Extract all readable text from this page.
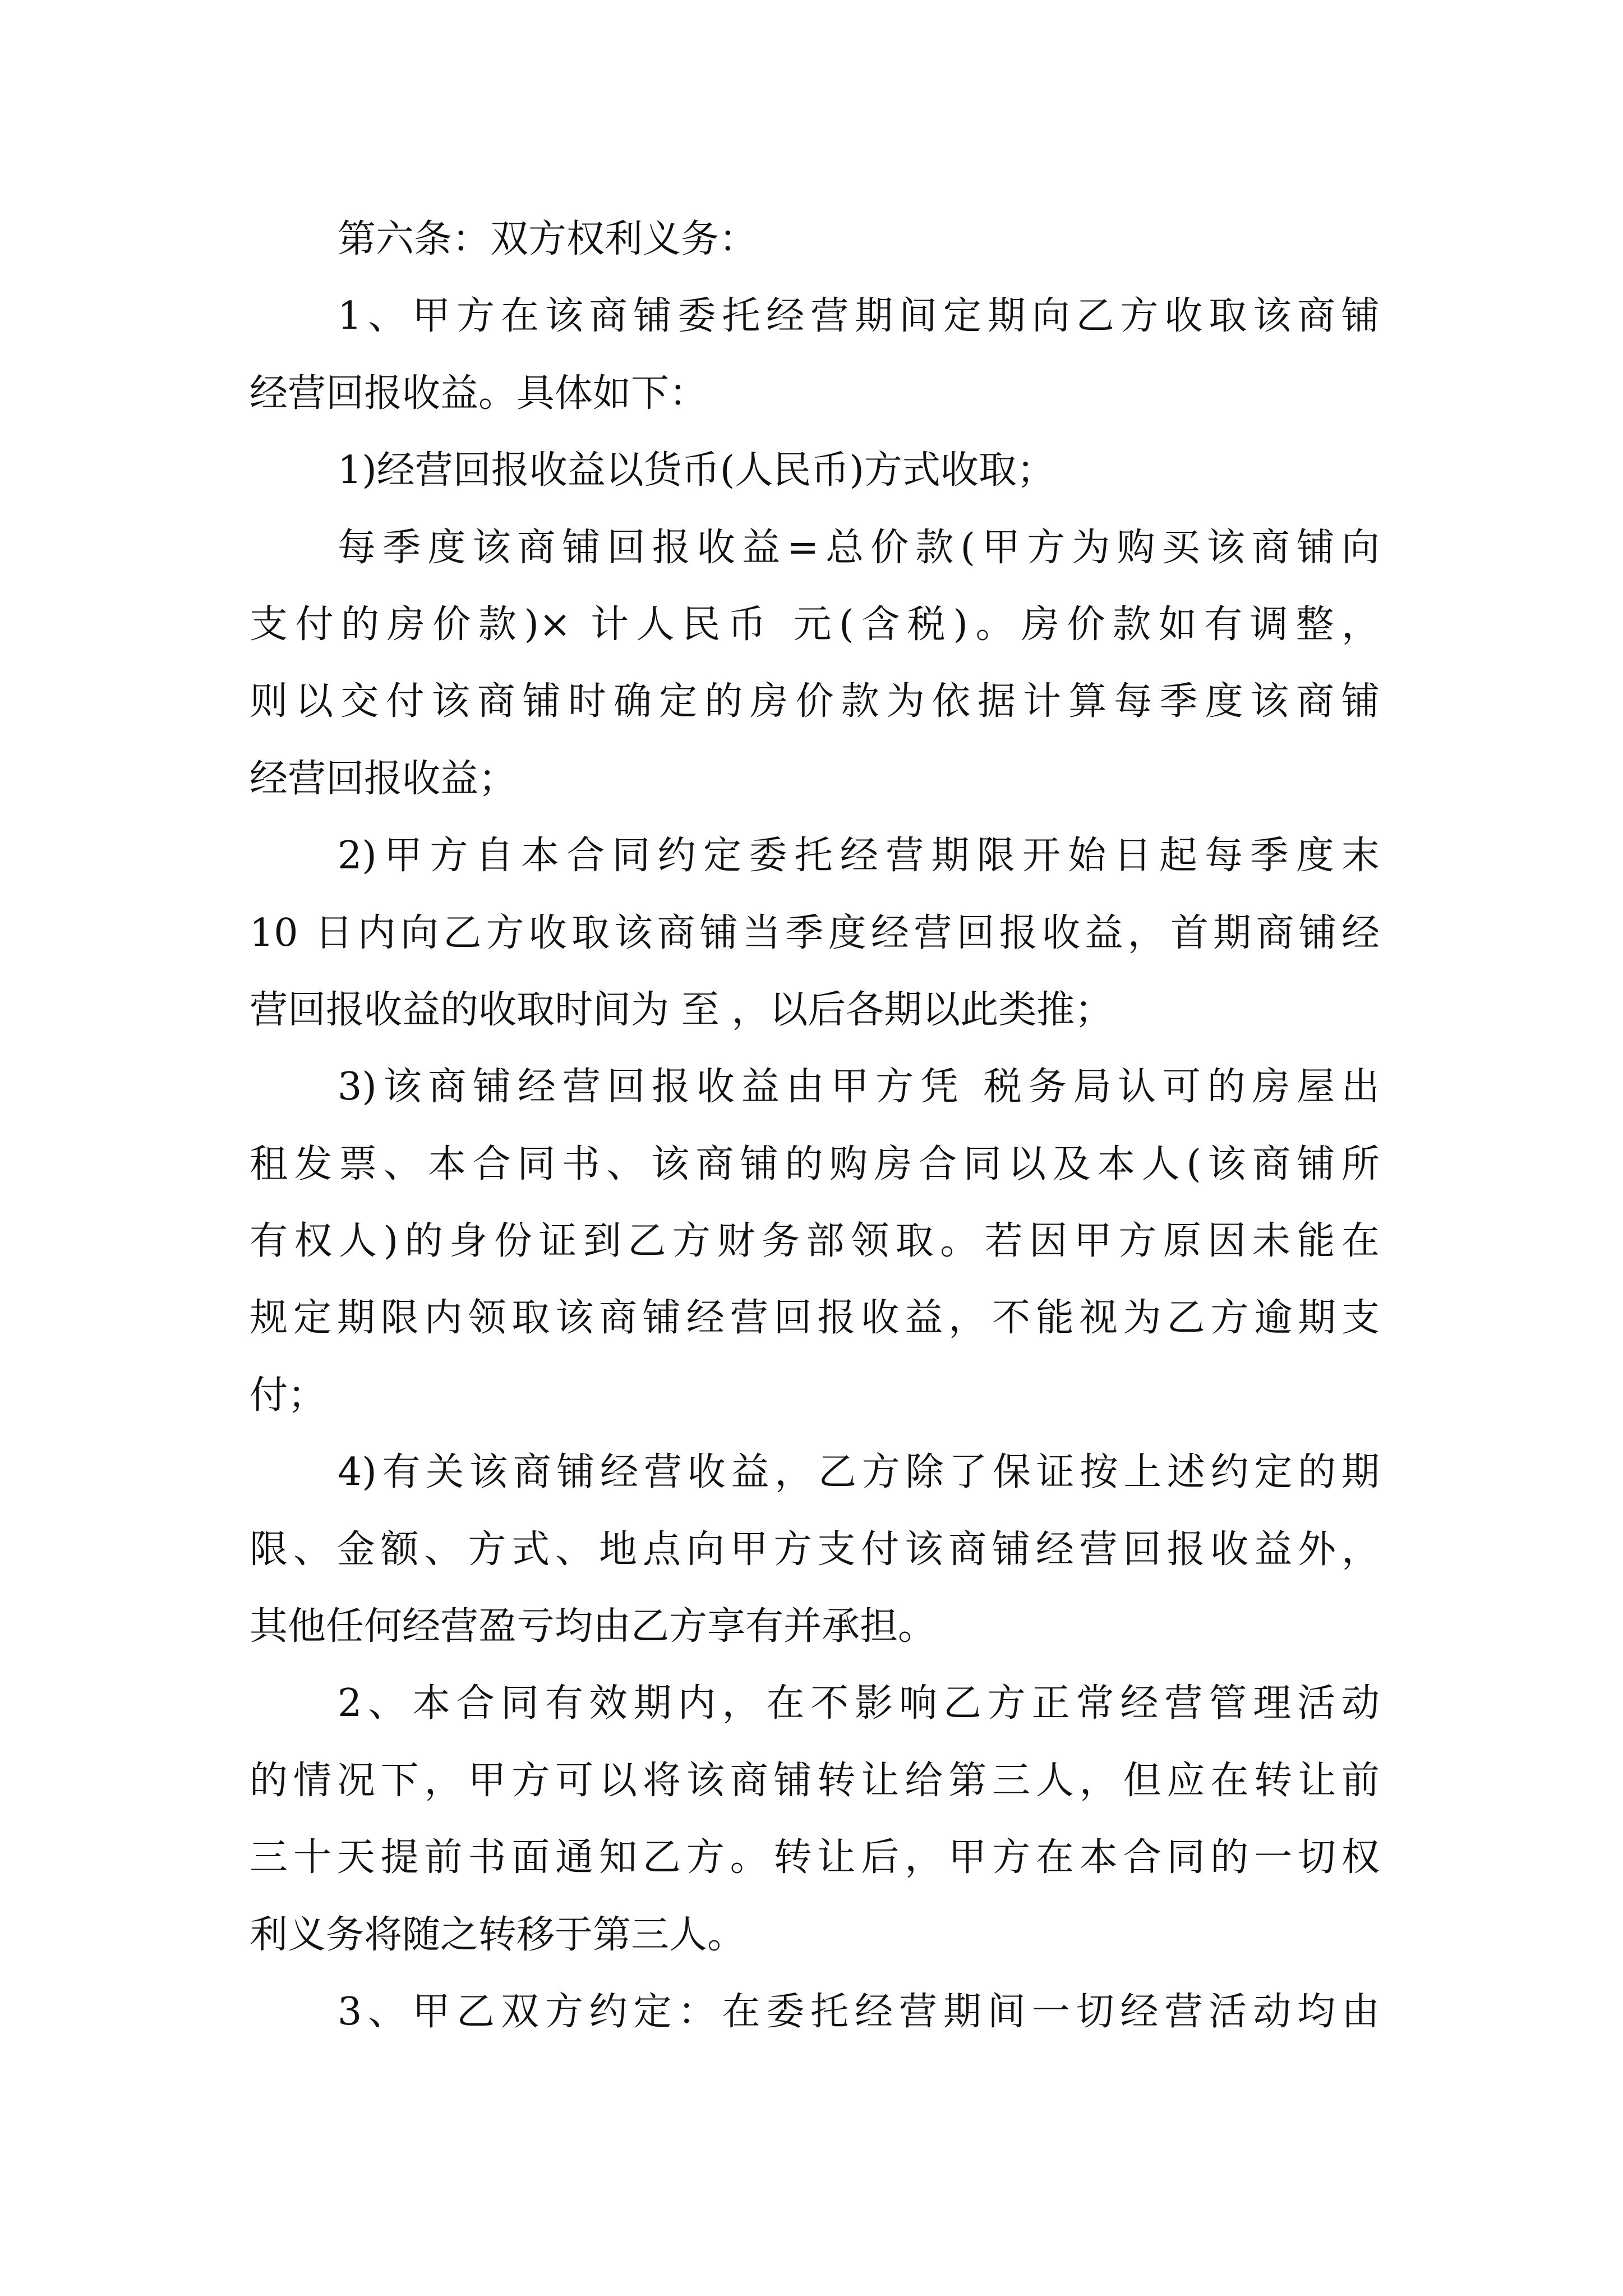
第六条：双方权利义务：
1、甲方在该商铺委托经营期间定期向乙方收取该商铺
经营回报收益。具体如下：
1)经营回报收益以货币(人民币)方式收取；
每季度该商铺回报收益=总价款(甲方为购买该商铺向
支付的房价款)× 计人民币 元(含税)。房价款如有调整，
则以交付该商铺时确定的房价款为依据计算每季度该商铺
经营回报收益；
2)甲方自本合同约定委托经营期限开始日起每季度末
10 日内向乙方收取该商铺当季度经营回报收益，首期商铺经
营回报收益的收取时间为 至 ，以后各期以此类推；
3)该商铺经营回报收益由甲方凭 税务局认可的房屋出
租发票、本合同书、该商铺的购房合同以及本人(该商铺所
有权人)的身份证到乙方财务部领取。若因甲方原因未能在
规定期限内领取该商铺经营回报收益，不能视为乙方逾期支
付；
4)有关该商铺经营收益，乙方除了保证按上述约定的期
限、金额、方式、地点向甲方支付该商铺经营回报收益外，
其他任何经营盈亏均由乙方享有并承担。
2、本合同有效期内，在不影响乙方正常经营管理活动
的情况下，甲方可以将该商铺转让给第三人，但应在转让前
三十天提前书面通知乙方。转让后，甲方在本合同的一切权
利义务将随之转移于第三人。
3、甲乙双方约定：在委托经营期间一切经营活动均由
